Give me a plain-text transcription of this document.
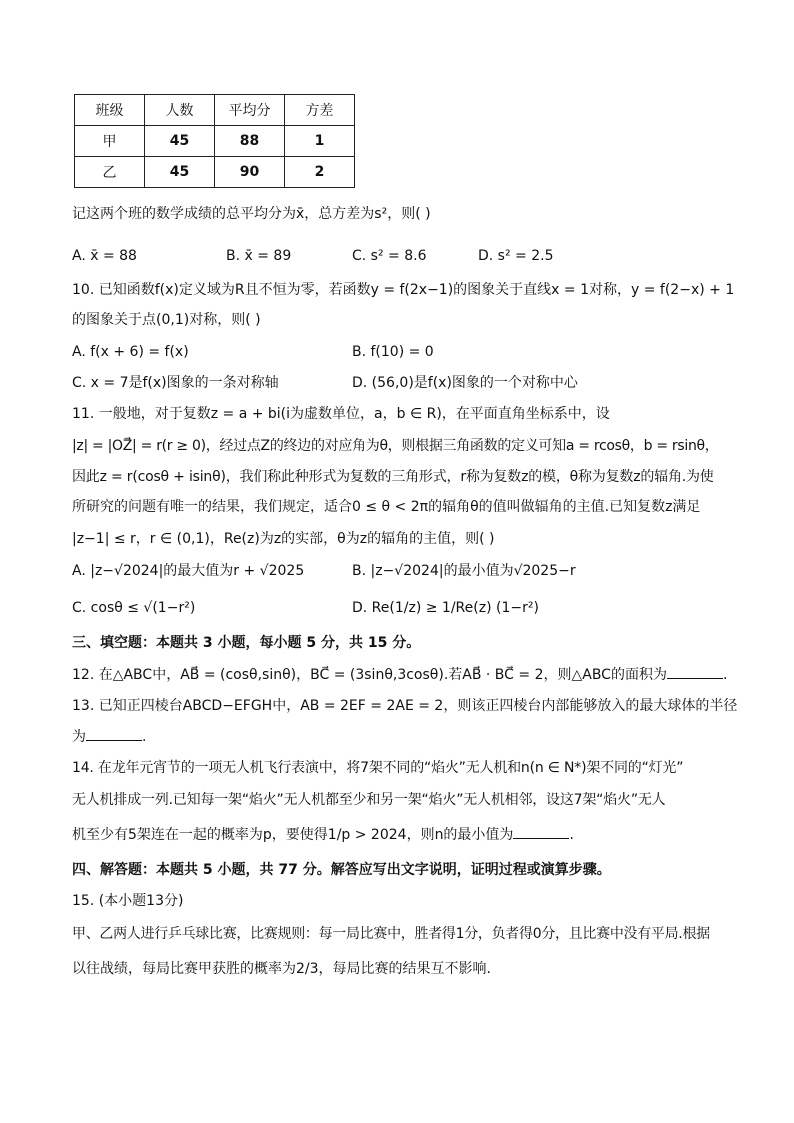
班级	人数	平均分	方差
甲	45	88	1
乙	45	90	2
记这两个班的数学成绩的总平均分为x̄，总方差为s²，则( )
A. x̄ = 88	B. x̄ = 89	C. s² = 8.6	D. s² = 2.5
10. 已知函数f(x)定义域为R且不恒为零，若函数y = f(2x−1)的图象关于直线x = 1对称，y = f(2−x) + 1
的图象关于点(0,1)对称，则( )
A. f(x + 6) = f(x)	B. f(10) = 0
C. x = 7是f(x)图象的一条对称轴	D. (56,0)是f(x)图象的一个对称中心
11. 一般地，对于复数z = a + bi(i为虚数单位，a，b ∈ R)，在平面直角坐标系中，设
|z| = |OZ⃗| = r(r ≥ 0)，经过点Z的终边的对应角为θ，则根据三角函数的定义可知a = rcosθ，b = rsinθ，
因此z = r(cosθ + isinθ)，我们称此种形式为复数的三角形式，r称为复数z的模，θ称为复数z的辐角.为使
所研究的问题有唯一的结果，我们规定，适合0 ≤ θ < 2π的辐角θ的值叫做辐角的主值.已知复数z满足
|z−1| ≤ r，r ∈ (0,1)，Re(z)为z的实部，θ为z的辐角的主值，则( )
A. |z−√2024|的最大值为r + √2025	B. |z−√2024|的最小值为√2025−r
C. cosθ ≤ √(1−r²)	D. Re(1/z) ≥ 1/Re(z) (1−r²)
三、填空题：本题共 3 小题，每小题 5 分，共 15 分。
12. 在△ABC中，AB⃗ = (cosθ,sinθ)，BC⃗ = (3sinθ,3cosθ).若AB⃗ · BC⃗ = 2，则△ABC的面积为	.
13. 已知正四棱台ABCD−EFGH中，AB = 2EF = 2AE = 2，则该正四棱台内部能够放入的最大球体的半径
为	.
14. 在龙年元宵节的一项无人机飞行表演中，将7架不同的“焰火”无人机和n(n ∈ N*)架不同的“灯光”
无人机排成一列.已知每一架“焰火”无人机都至少和另一架“焰火”无人机相邻，设这7架“焰火”无人
机至少有5架连在一起的概率为p，要使得1/p > 2024，则n的最小值为	.
四、解答题：本题共 5 小题，共 77 分。解答应写出文字说明，证明过程或演算步骤。
15. (本小题13分)
甲、乙两人进行乒乓球比赛，比赛规则：每一局比赛中，胜者得1分，负者得0分，且比赛中没有平局.根据
以往战绩，每局比赛甲获胜的概率为2/3，每局比赛的结果互不影响.
